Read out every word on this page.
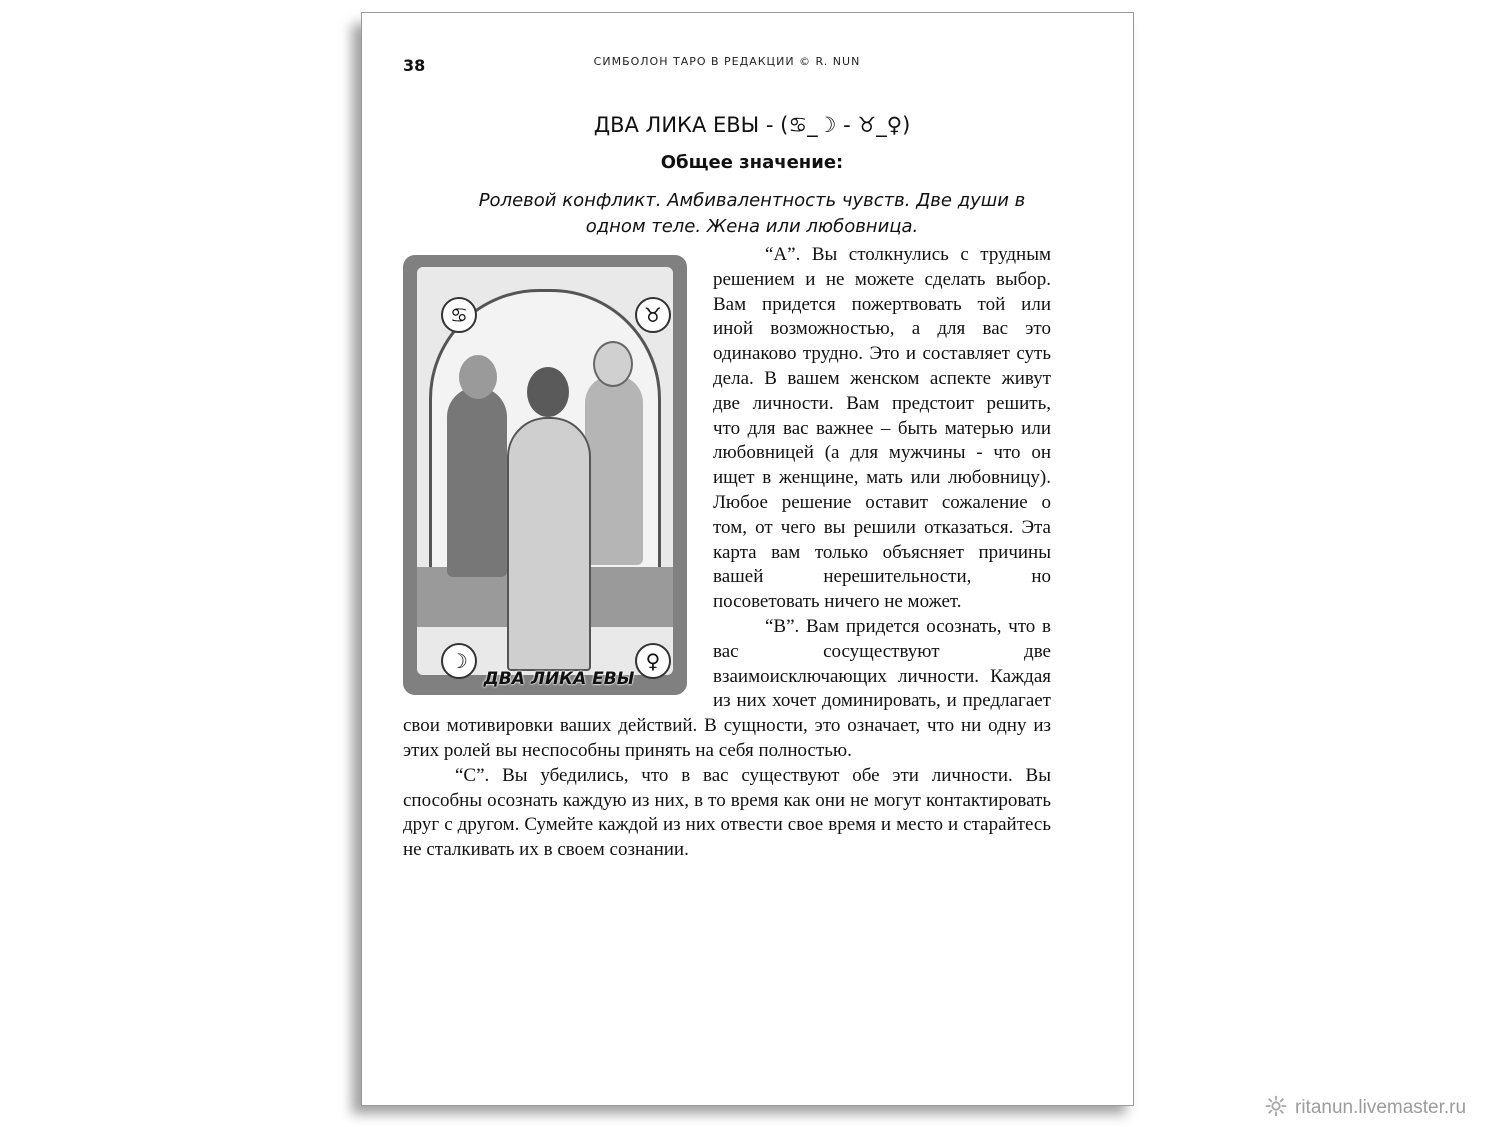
38	СИМБОЛОН ТАРО В РЕДАКЦИИ © R. NUN
ДВА ЛИКА ЕВЫ - (♋_☽ - ♉_♀)
Общее значение:
Ролевой конфликт. Амбивалентность чувств. Две души в одном теле. Жена или любовница.
♋	♉
☽	♀
ДВА ЛИКА ЕВЫ

“А”. Вы столкнулись с трудным решением и не можете сделать выбор. Вам придется пожертвовать той или иной возможностью, а для вас это одинаково трудно. Это и составляет суть дела. В вашем женском аспекте живут две личности. Вам предстоит решить, что для вас важнее – быть матерью или любовницей (а для мужчины - что он ищет в женщине, мать или любовницу). Любое решение оставит сожаление о том, от чего вы решили отказаться. Эта карта вам только объясняет причины вашей нерешительности, но посоветовать ничего не может.

“В”. Вам придется осознать, что в вас сосуществуют две взаимоисключающих личности. Каждая из них хочет доминировать, и предлагает свои мотивировки ваших действий. В сущности, это означает, что ни одну из этих ролей вы неспособны принять на себя полностью.

“С”. Вы убедились, что в вас существуют обе эти личности. Вы способны осознать каждую из них, в то время как они не могут контактировать друг с другом. Сумейте каждой из них отвести свое время и место и старайтесь не сталкивать их в своем сознании.

ritanun.livemaster.ru
